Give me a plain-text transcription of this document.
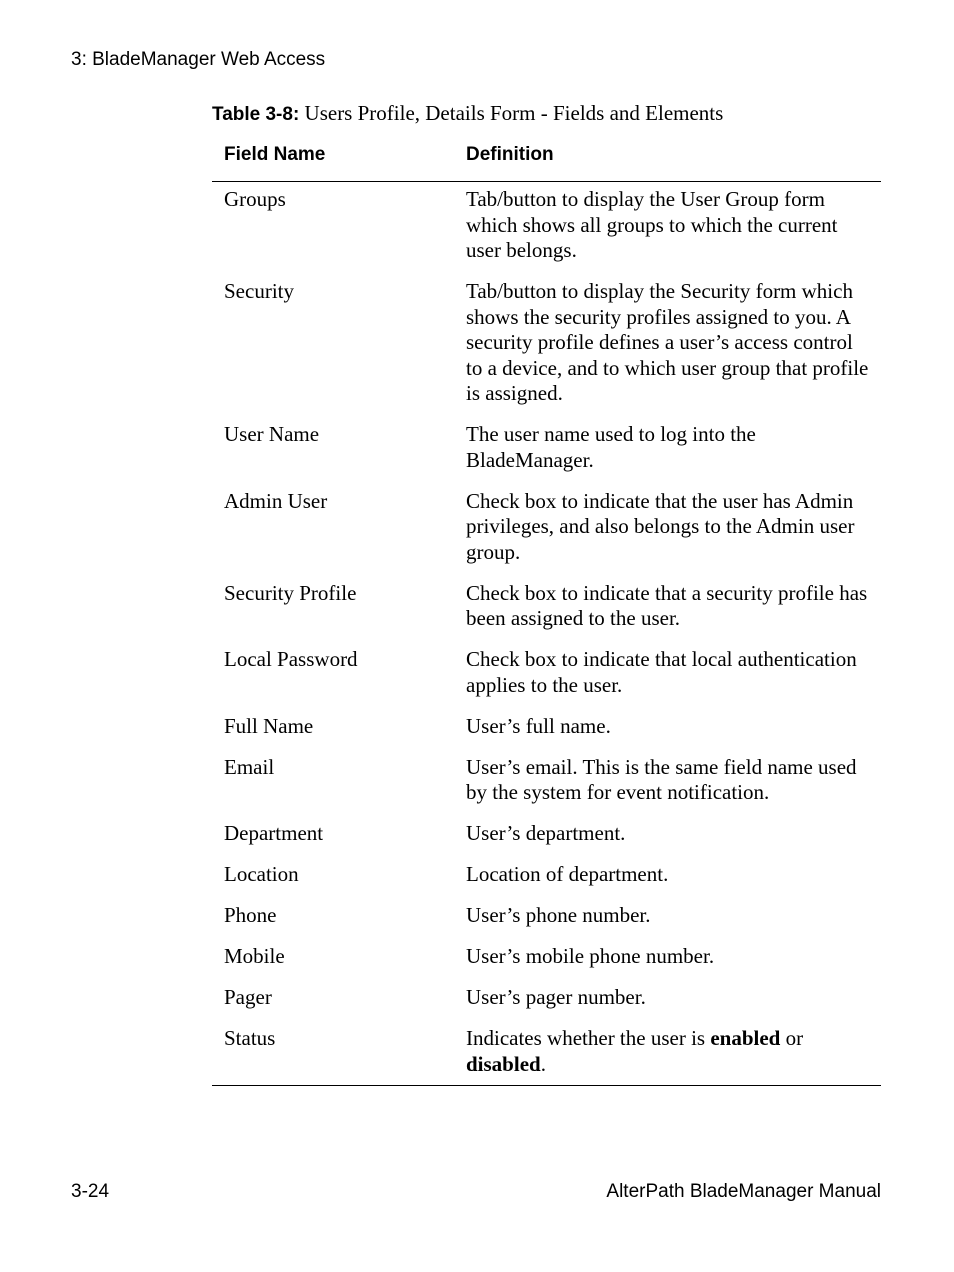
3: BladeManager Web Access
Table 3-8: Users Profile, Details Form - Fields and Elements
Field Name	Definition
Groups	Tab/button to display the User Group form which shows all groups to which the current user belongs.
Security	Tab/button to display the Security form which shows the security profiles assigned to you. A security profile defines a user’s access control to a device, and to which user group that profile is assigned.
User Name	The user name used to log into the BladeManager.
Admin User	Check box to indicate that the user has Admin privileges, and also belongs to the Admin user group.
Security Profile	Check box to indicate that a security profile has been assigned to the user.
Local Password	Check box to indicate that local authentication applies to the user.
Full Name	User’s full name.
Email	User’s email. This is the same field name used by the system for event notification.
Department	User’s department.
Location	Location of department.
Phone	User’s phone number.
Mobile	User’s mobile phone number.
Pager	User’s pager number.
Status	Indicates whether the user is enabled or disabled.
3-24	AlterPath BladeManager Manual
